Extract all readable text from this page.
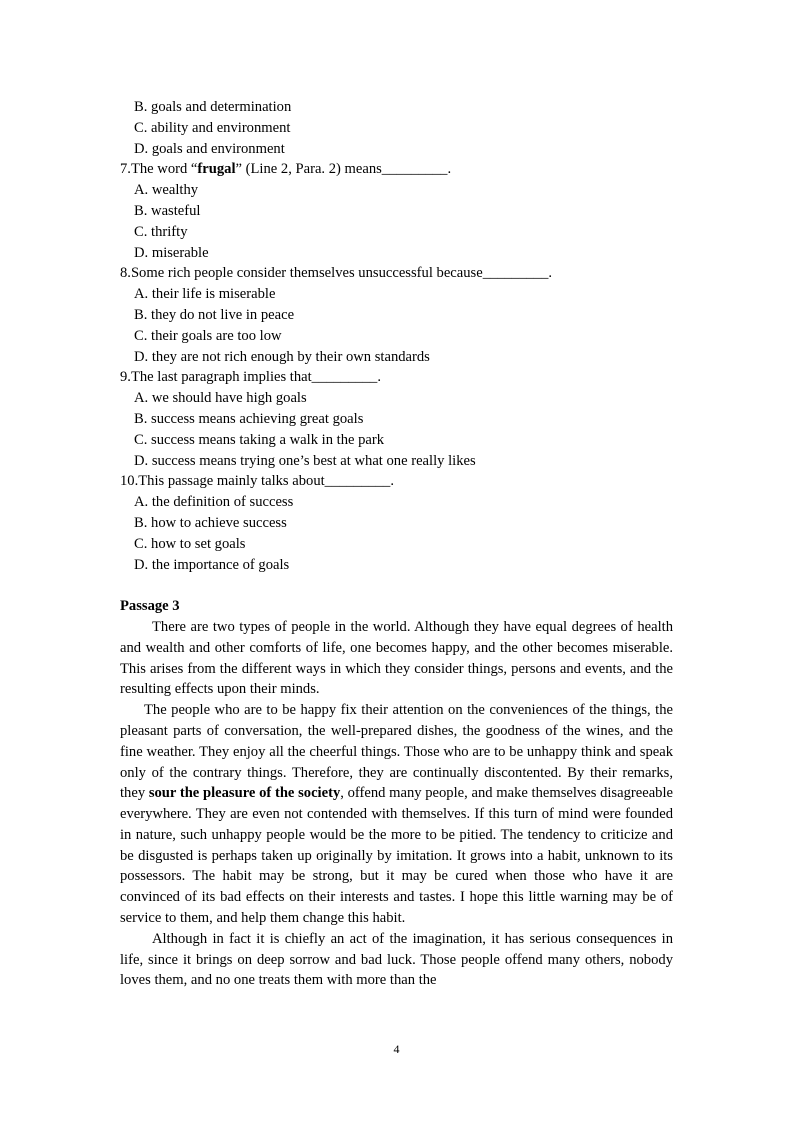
B. goals and determination
C. ability and environment
D. goals and environment
7.The word “frugal” (Line 2, Para. 2) means_________.
A. wealthy
B. wasteful
C. thrifty
D. miserable
8.Some rich people consider themselves unsuccessful because_________.
A. their life is miserable
B. they do not live in peace
C. their goals are too low
D. they are not rich enough by their own standards
9.The last paragraph implies that_________.
A. we should have high goals
B. success means achieving great goals
C. success means taking a walk in the park
D. success means trying one’s best at what one really likes
10.This passage mainly talks about_________.
A. the definition of success
B. how to achieve success
C. how to set goals
D. the importance of goals
Passage 3

There are two types of people in the world. Although they have equal degrees of health and wealth and other comforts of life, one becomes happy, and the other becomes miserable. This arises from the different ways in which they consider things, persons and events, and the resulting effects upon their minds.

The people who are to be happy fix their attention on the conveniences of the things, the pleasant parts of conversation, the well-prepared dishes, the goodness of the wines, and the fine weather. They enjoy all the cheerful things. Those who are to be unhappy think and speak only of the contrary things. Therefore, they are continually discontented. By their remarks, they sour the pleasure of the society, offend many people, and make themselves disagreeable everywhere. They are even not contended with themselves. If this turn of mind were founded in nature, such unhappy people would be the more to be pitied. The tendency to criticize and be disgusted is perhaps taken up originally by imitation. It grows into a habit, unknown to its possessors. The habit may be strong, but it may be cured when those who have it are convinced of its bad effects on their interests and tastes. I hope this little warning may be of service to them, and help them change this habit.

Although in fact it is chiefly an act of the imagination, it has serious consequences in life, since it brings on deep sorrow and bad luck. Those people offend many others, nobody loves them, and no one treats them with more than the

4
